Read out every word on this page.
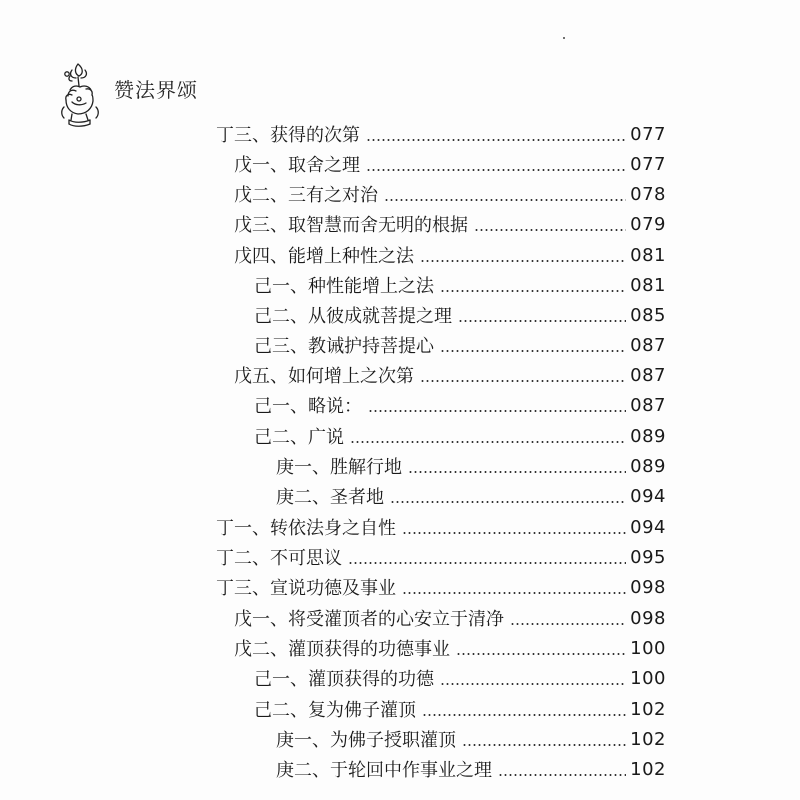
赞法界颂
丁三、获得的次第	077
戊一、取舍之理	077
戊二、三有之对治	078
戊三、取智慧而舍无明的根据	079
戊四、能增上种性之法	081
己一、种性能增上之法	081
己二、从彼成就菩提之理	085
己三、教诫护持菩提心	087
戊五、如何增上之次第	087
己一、略说：	087
己二、广说	089
庚一、胜解行地	089
庚二、圣者地	094
丁一、转依法身之自性	094
丁二、不可思议	095
丁三、宣说功德及事业	098
戊一、将受灌顶者的心安立于清净	098
戊二、灌顶获得的功德事业	100
己一、灌顶获得的功德	100
己二、复为佛子灌顶	102
庚一、为佛子授职灌顶	102
庚二、于轮回中作事业之理	102
